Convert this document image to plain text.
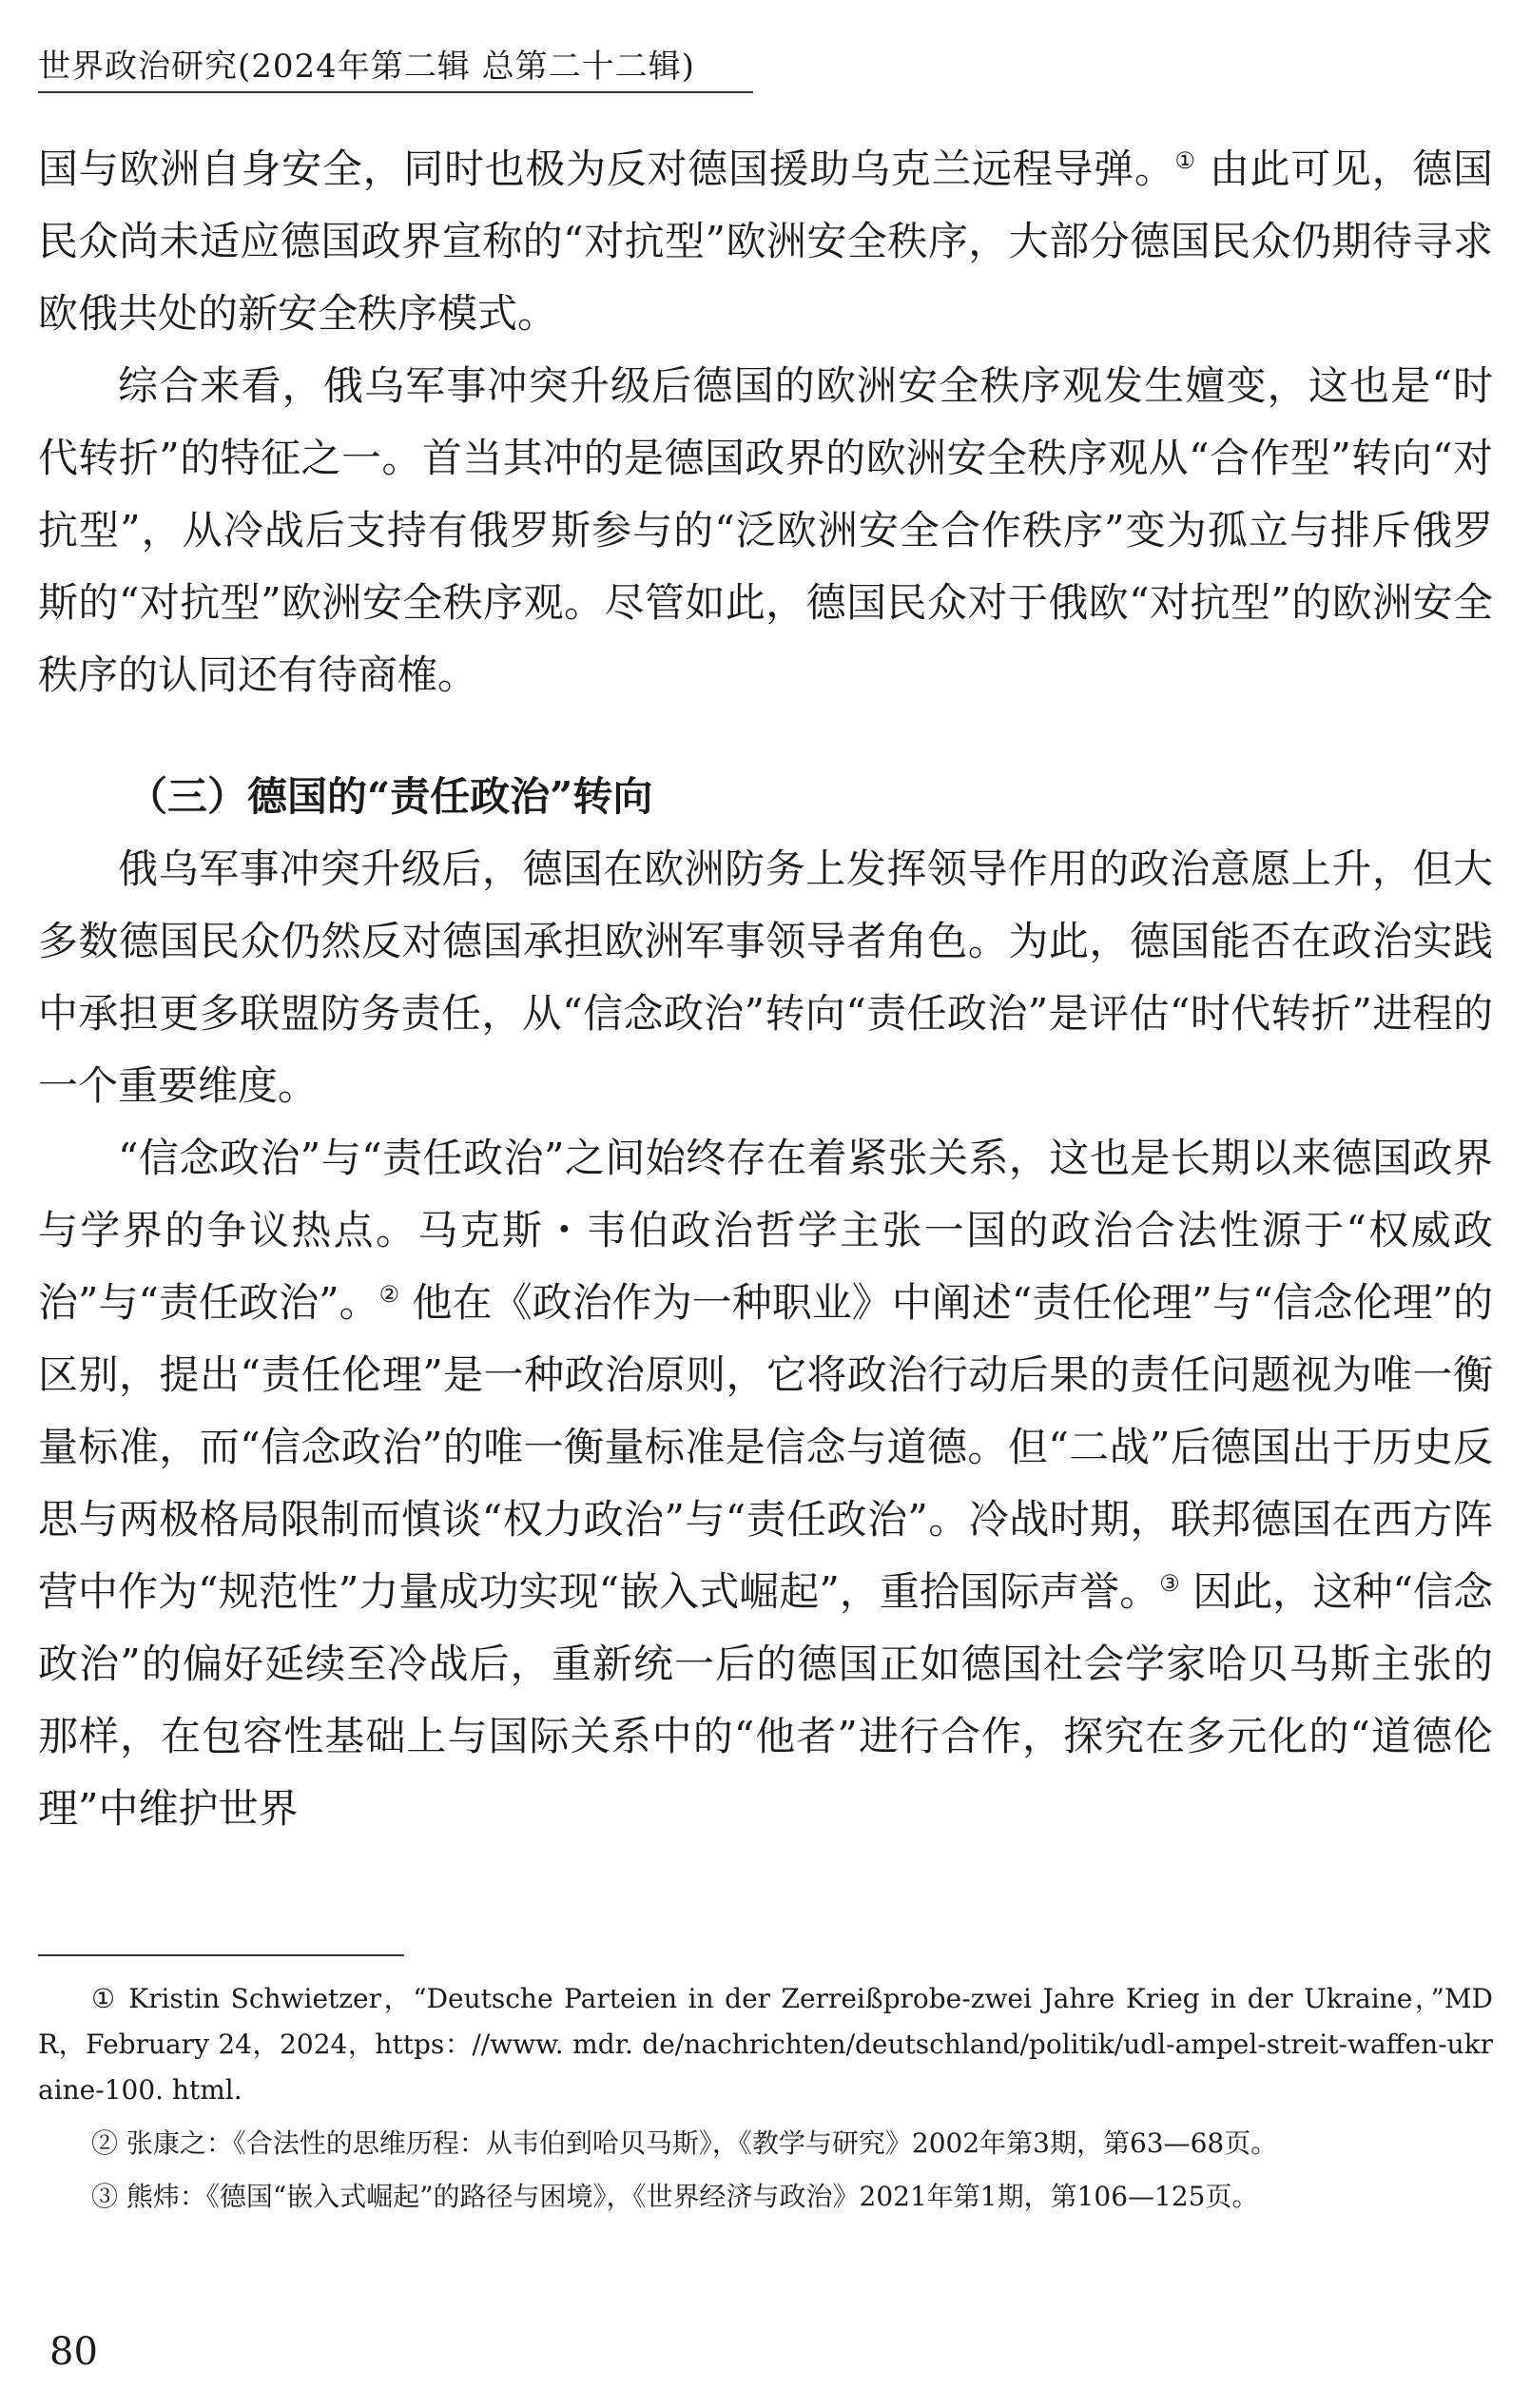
世界政治研究(2024年第二辑 总第二十二辑)

国与欧洲自身安全，同时也极为反对德国援助乌克兰远程导弹。① 由此可见，德国民众尚未适应德国政界宣称的“对抗型”欧洲安全秩序，大部分德国民众仍期待寻求欧俄共处的新安全秩序模式。

综合来看，俄乌军事冲突升级后德国的欧洲安全秩序观发生嬗变，这也是“时代转折”的特征之一。首当其冲的是德国政界的欧洲安全秩序观从“合作型”转向“对抗型”，从冷战后支持有俄罗斯参与的“泛欧洲安全合作秩序”变为孤立与排斥俄罗斯的“对抗型”欧洲安全秩序观。尽管如此，德国民众对于俄欧“对抗型”的欧洲安全秩序的认同还有待商榷。

（三）德国的“责任政治”转向

俄乌军事冲突升级后，德国在欧洲防务上发挥领导作用的政治意愿上升，但大多数德国民众仍然反对德国承担欧洲军事领导者角色。为此，德国能否在政治实践中承担更多联盟防务责任，从“信念政治”转向“责任政治”是评估“时代转折”进程的一个重要维度。

“信念政治”与“责任政治”之间始终存在着紧张关系，这也是长期以来德国政界与学界的争议热点。马克斯・韦伯政治哲学主张一国的政治合法性源于“权威政治”与“责任政治”。② 他在《政治作为一种职业》中阐述“责任伦理”与“信念伦理”的区别，提出“责任伦理”是一种政治原则，它将政治行动后果的责任问题视为唯一衡量标准，而“信念政治”的唯一衡量标准是信念与道德。但“二战”后德国出于历史反思与两极格局限制而慎谈“权力政治”与“责任政治”。冷战时期，联邦德国在西方阵营中作为“规范性”力量成功实现“嵌入式崛起”，重拾国际声誉。③ 因此，这种“信念政治”的偏好延续至冷战后，重新统一后的德国正如德国社会学家哈贝马斯主张的那样，在包容性基础上与国际关系中的“他者”进行合作，探究在多元化的“道德伦理”中维护世界

① Kristin Schwietzer，“Deutsche Parteien in der Zerreißprobe-zwei Jahre Krieg in der Ukraine，”MDR，February 24，2024，https：//www. mdr. de/nachrichten/deutschland/politik/udl-ampel-streit-waffen-ukraine-100. html.

② 张康之：《合法性的思维历程：从韦伯到哈贝马斯》，《教学与研究》2002年第3期，第63—68页。

③ 熊炜：《德国“嵌入式崛起”的路径与困境》，《世界经济与政治》2021年第1期，第106—125页。

80
